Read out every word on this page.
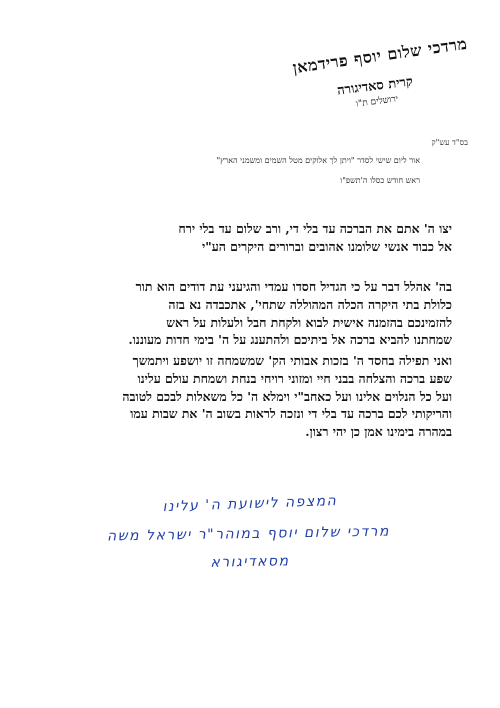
מרדכי שלום יוסף פרידמאן
קרית סאדיגורה
ירושלים ת"ו
בס"ד עש"ק
אור ליום שישי לסדר "ויתן לך אלוקים מטל השמים ומשמני הארץ"
ראש חודש כסלו ה'תשפ"ו
יצו ה' אתם את הברכה עד בלי די, ורב שלום עד בלי ירח
אל כבוד אנשי שלומנו אהובים וברורים היקרים הע"י
בה' אהלל דבר על כי הגדיל חסדו עמדי והגיעני עת דודים הוא תור
כלולת בתי היקרה הכלה המהוללה שתחי', אתכבדה נא בזה
להזמינכם בהזמנה אישית לבוא ולקחת חבל ולעלות על ראש
שמחתנו להביא ברכה אל ביתיכם ולהתענג על ה' בימי חדות מעוננו.
ואני תפילה בחסד ה' בזכות אבותי הק' שמשמחה זו יושפע ויתמשך
שפע ברכה והצלחה בבני חיי ומזוני רויחי בנחת ושמחת עולם עלינו
ועל כל הנלוים אלינו ועל כאחב"י וימלא ה' כל משאלות לבכם לטובה
והריקותי לכם ברכה עד בלי די ונזכה לראות בשוב ה' את שבות עמו
במהרה בימינו אמן כן יהי רצון.
המצפה לישועת ה' עלינו
מרדכי שלום יוסף במוהר"ר ישראל משה
מסאדיגורא
